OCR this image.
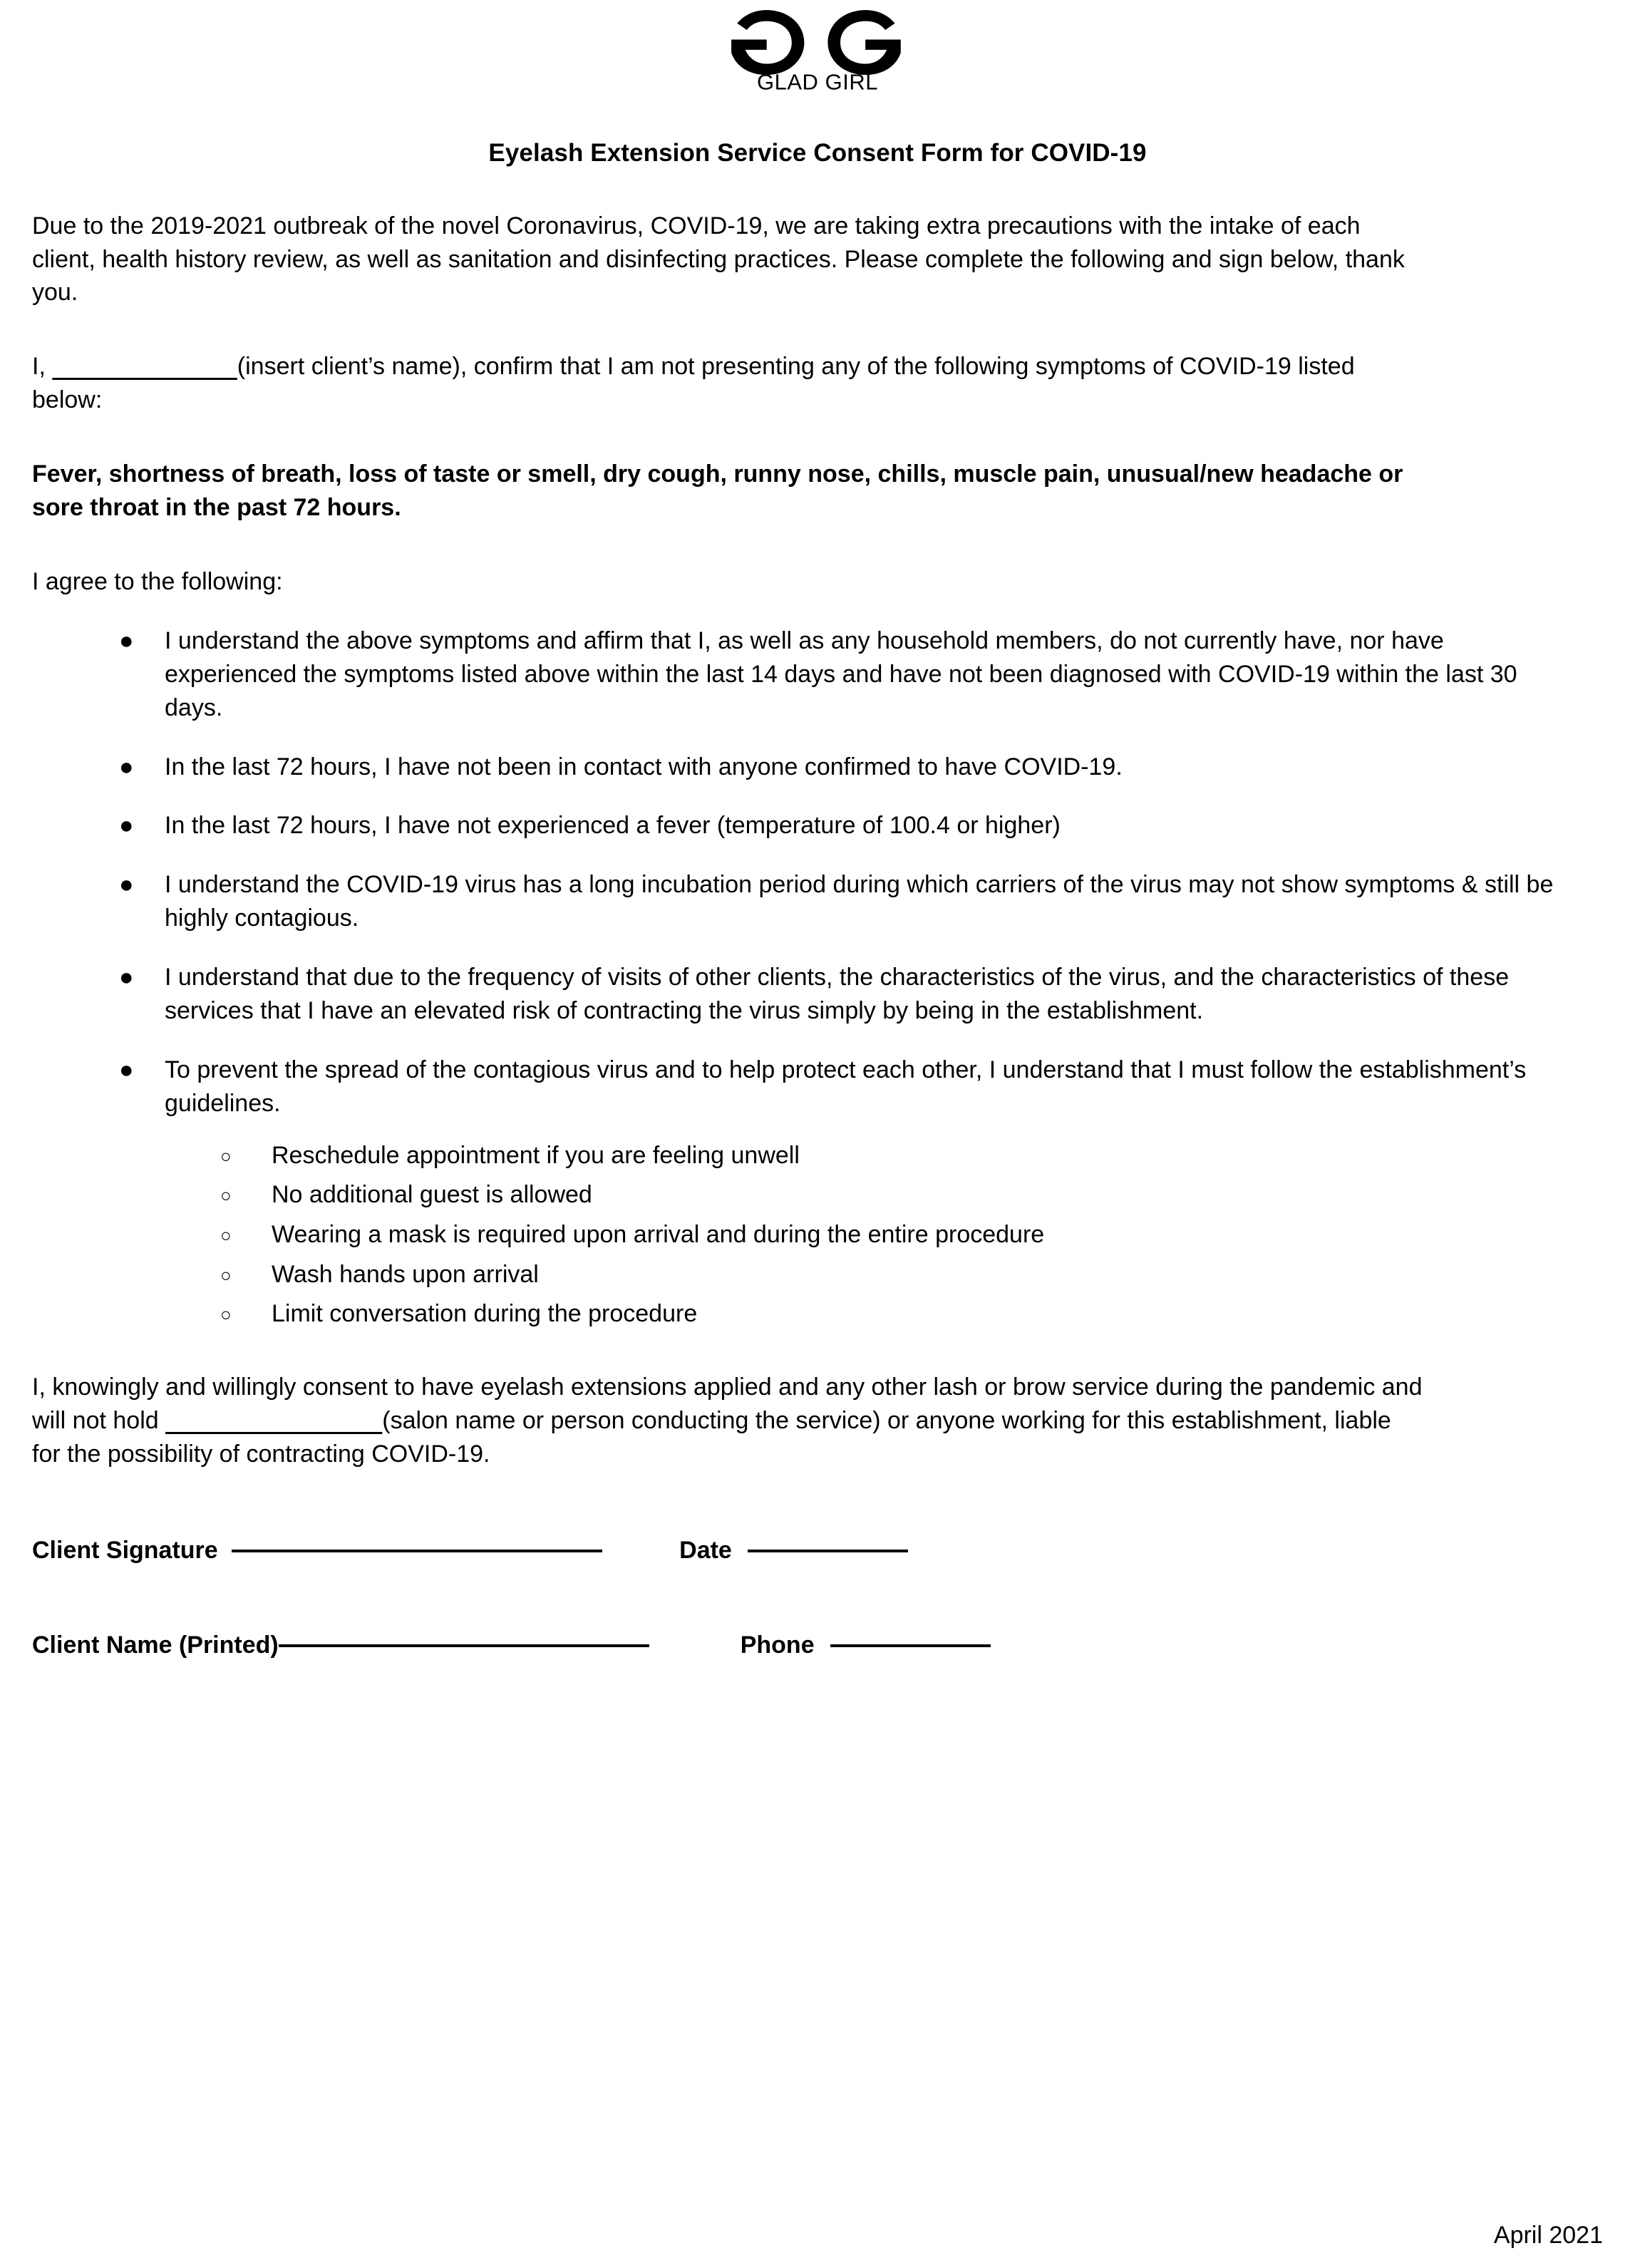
GLAD GIRL
Eyelash Extension Service Consent Form for COVID-19

Due to the 2019-2021 outbreak of the novel Coronavirus, COVID-19, we are taking extra precautions with the intake of each client, health history review, as well as sanitation and disinfecting practices. Please complete the following and sign below, thank you.

I,	(insert client’s name), confirm that I am not presenting any of the following symptoms of COVID-19 listed below:

Fever, shortness of breath, loss of taste or smell, dry cough, runny nose, chills, muscle pain, unusual/new headache or sore throat in the past 72 hours.

I agree to the following:

● I understand the above symptoms and affirm that I, as well as any household members, do not currently have, nor have experienced the symptoms listed above within the last 14 days and have not been diagnosed with COVID-19 within the last 30 days.
● In the last 72 hours, I have not been in contact with anyone confirmed to have COVID-19.
● In the last 72 hours, I have not experienced a fever (temperature of 100.4 or higher)
● I understand the COVID-19 virus has a long incubation period during which carriers of the virus may not show symptoms & still be highly contagious.
● I understand that due to the frequency of visits of other clients, the characteristics of the virus, and the characteristics of these services that I have an elevated risk of contracting the virus simply by being in the establishment.
● To prevent the spread of the contagious virus and to help protect each other, I understand that I must follow the establishment’s guidelines.
○ Reschedule appointment if you are feeling unwell
○ No additional guest is allowed
○ Wearing a mask is required upon arrival and during the entire procedure
○ Wash hands upon arrival
○ Limit conversation during the procedure

I, knowingly and willingly consent to have eyelash extensions applied and any other lash or brow service during the pandemic and will not hold	(salon name or person conducting the service) or anyone working for this establishment, liable for the possibility of contracting COVID-19.

Client Signature	Date
Client Name (Printed)	Phone
April 2021
